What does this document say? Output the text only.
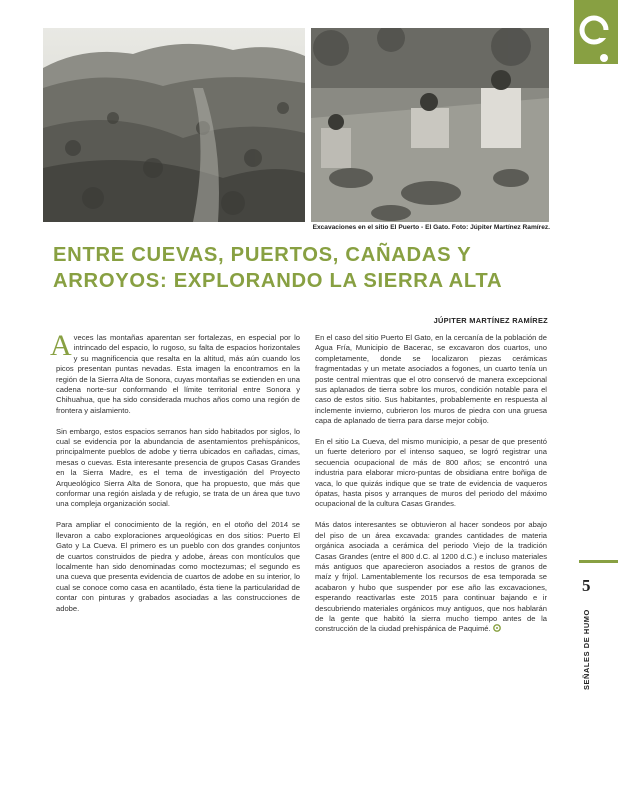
Excavaciones en el sitio El Puerto - El Gato. Foto: Júpiter Martínez Ramírez.
ENTRE CUEVAS, PUERTOS, CAÑADAS Y ARROYOS: EXPLORANDO LA SIERRA ALTA
JÚPITER MARTÍNEZ RAMÍREZ

Aveces las montañas aparentan ser fortalezas, en especial por lo intrincado del espacio, lo rugoso, su falta de espacios horizontales y su magnificencia que resalta en la altitud, más aún cuando los picos presentan puntas nevadas. Esta imagen la encontramos en la región de la Sierra Alta de Sonora, cuyas montañas se extienden en una cadena norte-sur conformando el límite territorial entre Sonora y Chihuahua, que ha sido considerada muchos años como una región de frontera y aislamiento.

Sin embargo, estos espacios serranos han sido habitados por siglos, lo cual se evidencia por la abundancia de asentamientos prehispánicos, principalmente pueblos de adobe y tierra ubicados en cañadas, cimas, mesas o cuevas. Esta interesante presencia de grupos Casas Grandes en la Sierra Madre, es el tema de investigación del Proyecto Arqueológico Sierra Alta de Sonora, que ha propuesto, que más que conformar una región aislada y de refugio, se trata de un área que tuvo una compleja organización social.

Para ampliar el conocimiento de la región, en el otoño del 2014 se llevaron a cabo exploraciones arqueológicas en dos sitios: Puerto El Gato y La Cueva. El primero es un pueblo con dos grandes conjuntos de cuartos construidos de piedra y adobe, áreas con montículos que localmente han sido denominadas como moctezumas; el segundo es una cueva que presenta evidencia de cuartos de adobe en su interior, lo cual se conoce como casa en acantilado, ésta tiene la particularidad de contar con pinturas y grabados asociadas a las construcciones de adobe.

En el caso del sitio Puerto El Gato, en la cercanía de la población de Agua Fría, Municipio de Bacerac, se excavaron dos cuartos, uno completamente, donde se localizaron piezas cerámicas fragmentadas y un metate asociados a fogones, un cuarto tenía un poste central mientras que el otro conservó de manera excepcional sus aplanados de tierra sobre los muros, condición notable para el caso de estos sitio. Sus habitantes, probablemente en respuesta al inclemente invierno, cubrieron los muros de piedra con una gruesa capa de aplanado de tierra para darse mejor cobijo.

En el sitio La Cueva, del mismo municipio, a pesar de que presentó un fuerte deterioro por el intenso saqueo, se logró registrar una secuencia ocupacional de más de 800 años; se encontró una industria para elaborar micro-puntas de obsidiana entre boñiga de vaca, lo que quizás indique que se trate de evidencia de vaqueros ópatas, hasta pisos y arranques de muros del periodo del máximo ocupacional de la cultura Casas Grandes.

Más datos interesantes se obtuvieron al hacer sondeos por abajo del piso de un área excavada: grandes cantidades de materia orgánica asociada a cerámica del periodo Viejo de la tradición Casas Grandes (entre el 800 d.C. al 1200 d.C.) e incluso materiales más antiguos que aparecieron asociados a restos de granos de maíz y frijol. Lamentablemente los recursos de esa temporada se acabaron y hubo que suspender por ese año las excavaciones, esperando reactivarlas este 2015 para continuar bajando e ir descubriendo materiales orgánicos muy antiguos, que nos hablarán de la gente que habitó la sierra mucho tiempo antes de la construcción de la ciudad prehispánica de Paquimé.

5
SEÑALES DE HUMO
